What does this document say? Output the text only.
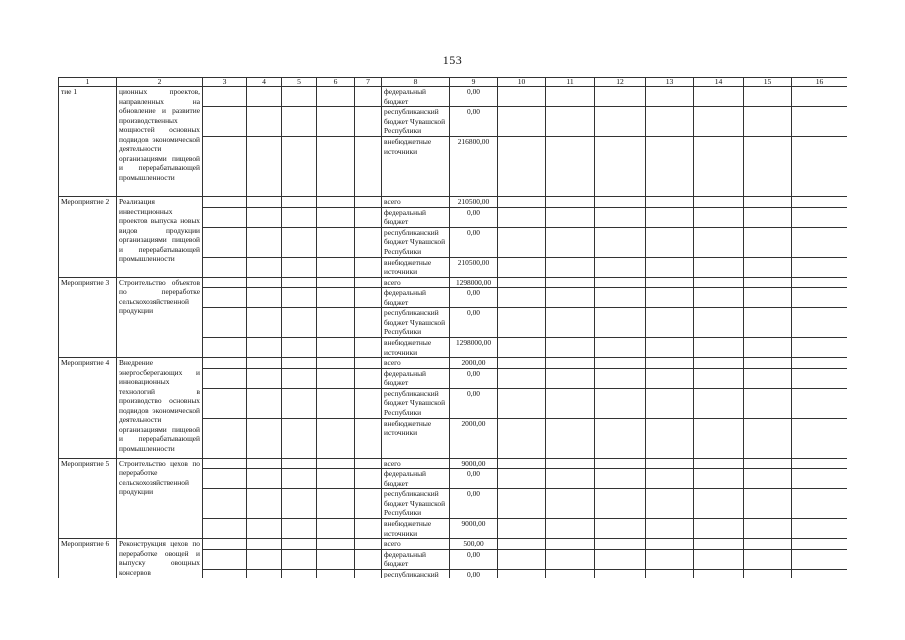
153
1	2	3	4	5	6	7	8	9	10	11	12	13	14	15	16
тие 1	ционных проектов, направленных на обновление и развитие производственных мощностей основных подвидов экономической деятельности организациями пищевой и перерабатывающей промышленности						федеральный бюджет	0,00							
							республиканский бюджет Чувашской Республики	0,00							
							внебюджетные источники	216800,00							
Мероприятие 2	Реализация инвестиционных проектов выпуска новых видов продукции организациями пищевой и перерабатывающей промышленности						всего	210500,00							
							федеральный бюджет	0,00							
							республиканский бюджет Чувашской Республики	0,00							
							внебюджетные источники	210500,00							
Мероприятие 3	Строительство объектов по переработке сельскохозяйственной продукции						всего	1298000,00							
							федеральный бюджет	0,00							
							республиканский бюджет Чувашской Республики	0,00							
							внебюджетные источники	1298000,00							
Мероприятие 4	Внедрение энергосберегающих и инновационных технологий в производство основных подвидов экономической деятельности организациями пищевой и перерабатывающей промышленности						всего	2000,00							
							федеральный бюджет	0,00							
							республиканский бюджет Чувашской Республики	0,00							
							внебюджетные источники	2000,00							
Мероприятие 5	Строительство цехов по переработке сельскохозяйственной продукции						всего	9000,00							
							федеральный бюджет	0,00							
							республиканский бюджет Чувашской Республики	0,00							
							внебюджетные источники	9000,00							
Мероприятие 6	Реконструкция цехов по переработке овощей и выпуску овощных консервов						всего	500,00							
							федеральный бюджет	0,00							
							республиканский	0,00							
